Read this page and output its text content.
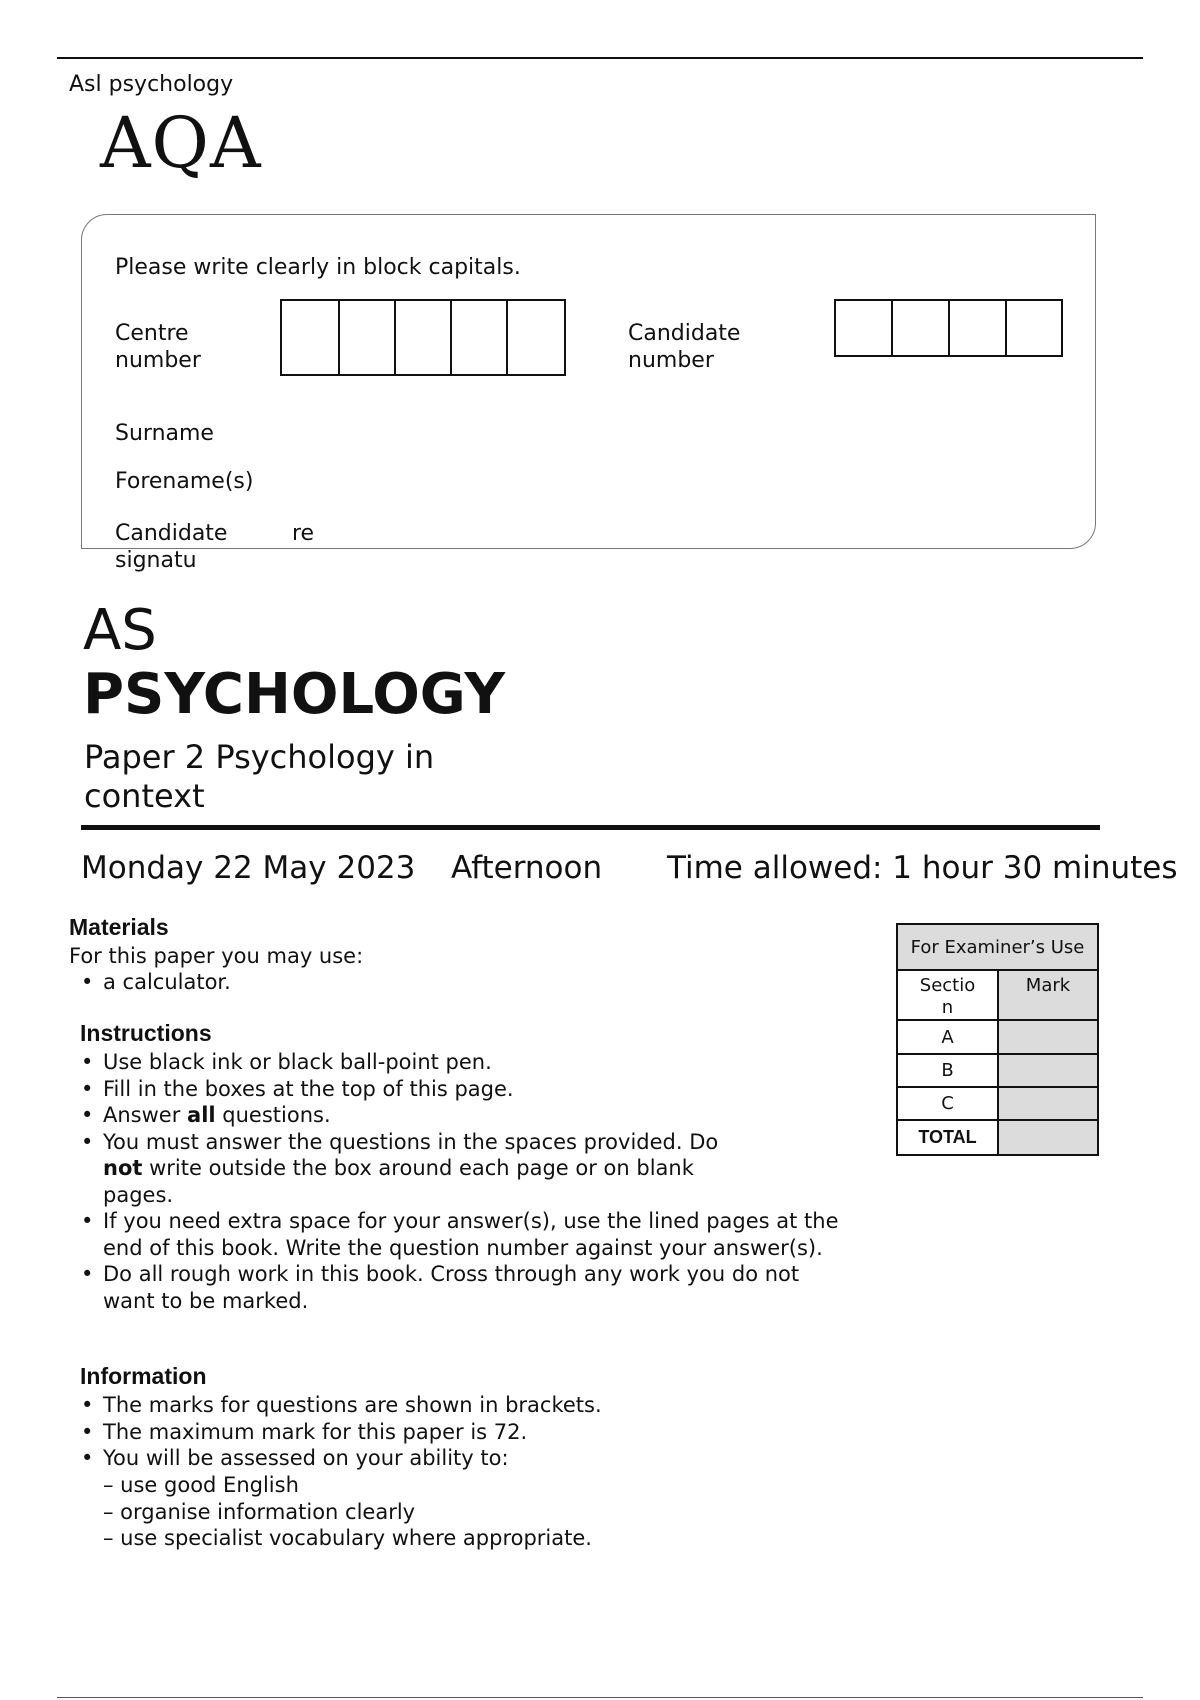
Asl psychology
AQA
Please write clearly in block capitals.
Centre
number
Candidate
number
Surname
Forename(s)
Candidate
signatu
re
AS
PSYCHOLOGY
Paper 2 Psychology in context
Monday 22 May 2023 Afternoon Time allowed: 1 hour 30 minutes
Materials
For this paper you may use:
• a calculator.
Instructions
• Use black ink or black ball-point pen.
• Fill in the boxes at the top of this page.
• Answer all questions.
• You must answer the questions in the spaces provided. Do not write outside the box around each page or on blank pages.
• If you need extra space for your answer(s), use the lined pages at the end of this book. Write the question number against your answer(s).
• Do all rough work in this book. Cross through any work you do not want to be marked.
Information
• The marks for questions are shown in brackets.
• The maximum mark for this paper is 72.
• You will be assessed on your ability to:
– use good English
– organise information clearly
– use specialist vocabulary where appropriate.
For Examiner’s Use	
Sectio
n	Mark
A	
B	
C	
TOTAL	
